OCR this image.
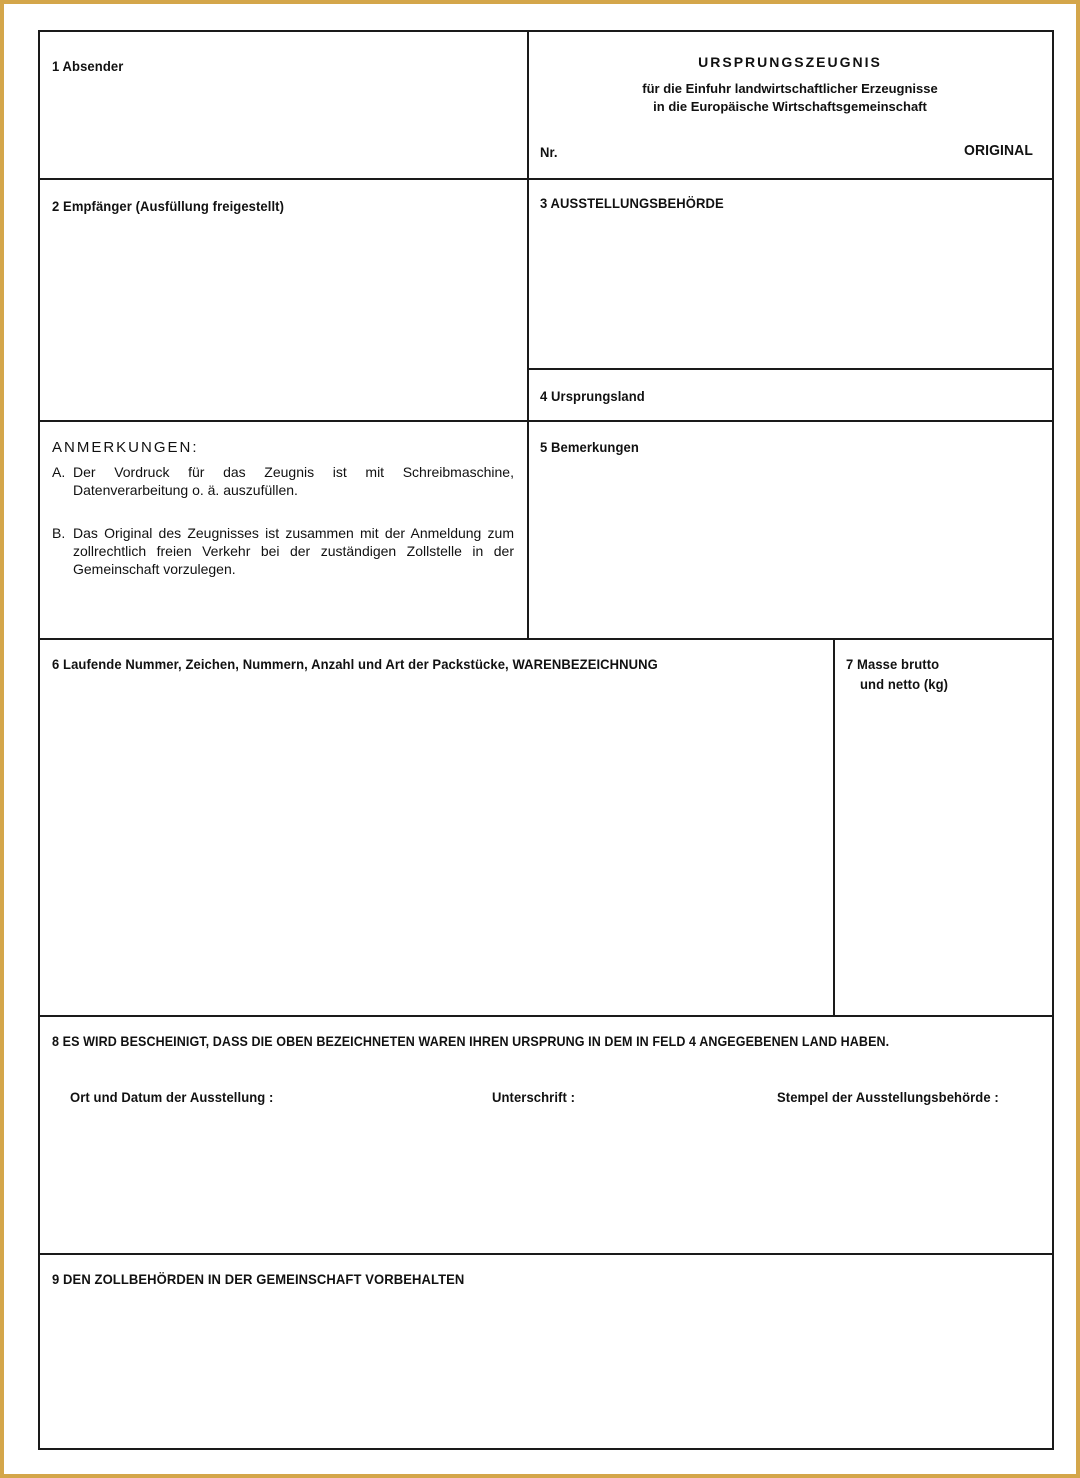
1 Absender	URSPRUNGSZEUGNIS
für die Einfuhr landwirtschaftlicher Erzeugnisse
in die Europäische Wirtschaftsgemeinschaft
Nr.	ORIGINAL
2 Empfänger (Ausfüllung freigestellt)	3 AUSSTELLUNGSBEHÖRDE
4 Ursprungsland
ANMERKUNGEN:
A. Der Vordruck für das Zeugnis ist mit Schreibmaschine, Datenverarbeitung o. ä. auszufüllen.
B. Das Original des Zeugnisses ist zusammen mit der Anmeldung zum zollrechtlich freien Verkehr bei der zuständigen Zollstelle in der Gemeinschaft vorzulegen.
5 Bemerkungen
6 Laufende Nummer, Zeichen, Nummern, Anzahl und Art der Packstücke, WARENBEZEICHNUNG	7 Masse brutto
und netto (kg)
8 ES WIRD BESCHEINIGT, DASS DIE OBEN BEZEICHNETEN WAREN IHREN URSPRUNG IN DEM IN FELD 4 ANGEGEBENEN LAND HABEN.
Ort und Datum der Ausstellung :	Unterschrift :	Stempel der Ausstellungsbehörde :
9 DEN ZOLLBEHÖRDEN IN DER GEMEINSCHAFT VORBEHALTEN
